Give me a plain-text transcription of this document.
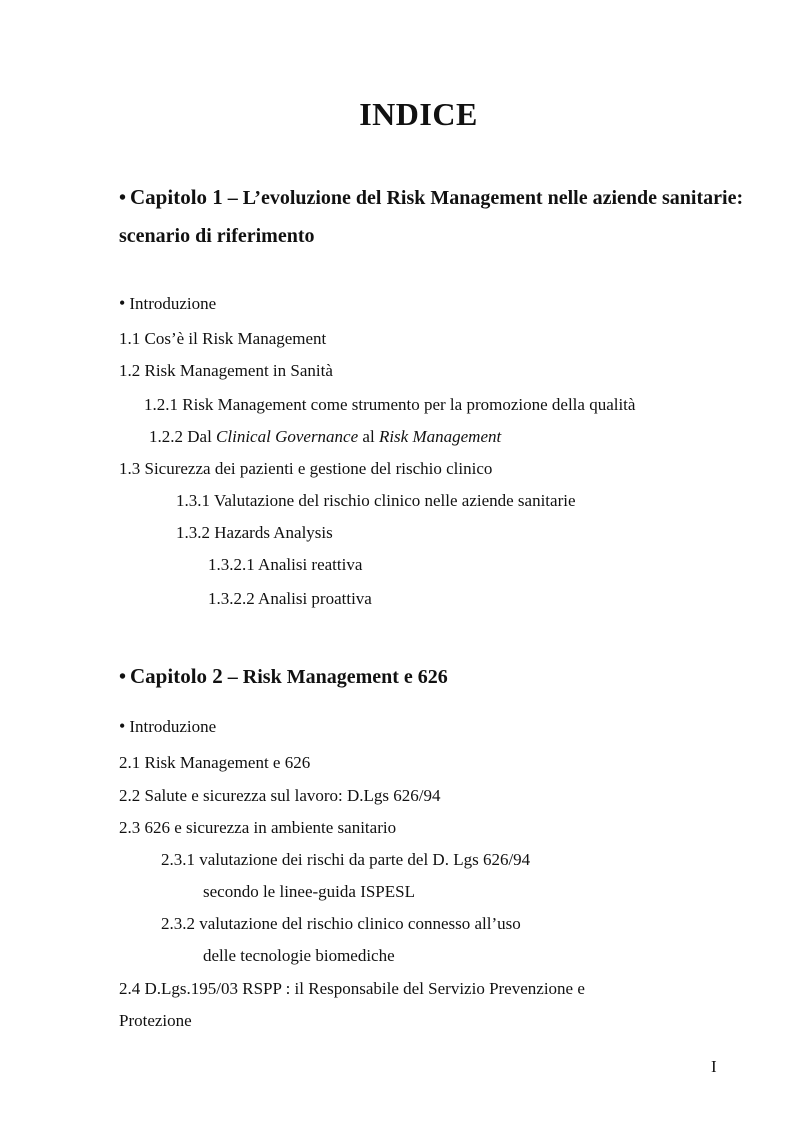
INDICE
• Capitolo 1 – L’evoluzione del Risk Management nelle aziende sanitarie:
scenario di riferimento
• Introduzione
1.1 Cos’è il Risk Management
1.2 Risk Management in Sanità
1.2.1 Risk Management come strumento per la promozione della qualità
1.2.2 Dal Clinical Governance al Risk Management
1.3 Sicurezza dei pazienti e gestione del rischio clinico
1.3.1 Valutazione del rischio clinico nelle aziende sanitarie
1.3.2 Hazards Analysis
1.3.2.1 Analisi reattiva
1.3.2.2 Analisi proattiva
• Capitolo 2 – Risk Management e 626
• Introduzione
2.1 Risk Management e 626
2.2 Salute e sicurezza sul lavoro: D.Lgs 626/94
2.3 626 e sicurezza in ambiente sanitario
2.3.1 valutazione dei rischi da parte del D. Lgs 626/94
secondo le linee-guida ISPESL
2.3.2 valutazione del rischio clinico connesso all’uso
delle tecnologie biomediche
2.4 D.Lgs.195/03 RSPP : il Responsabile del Servizio Prevenzione e
Protezione
I
